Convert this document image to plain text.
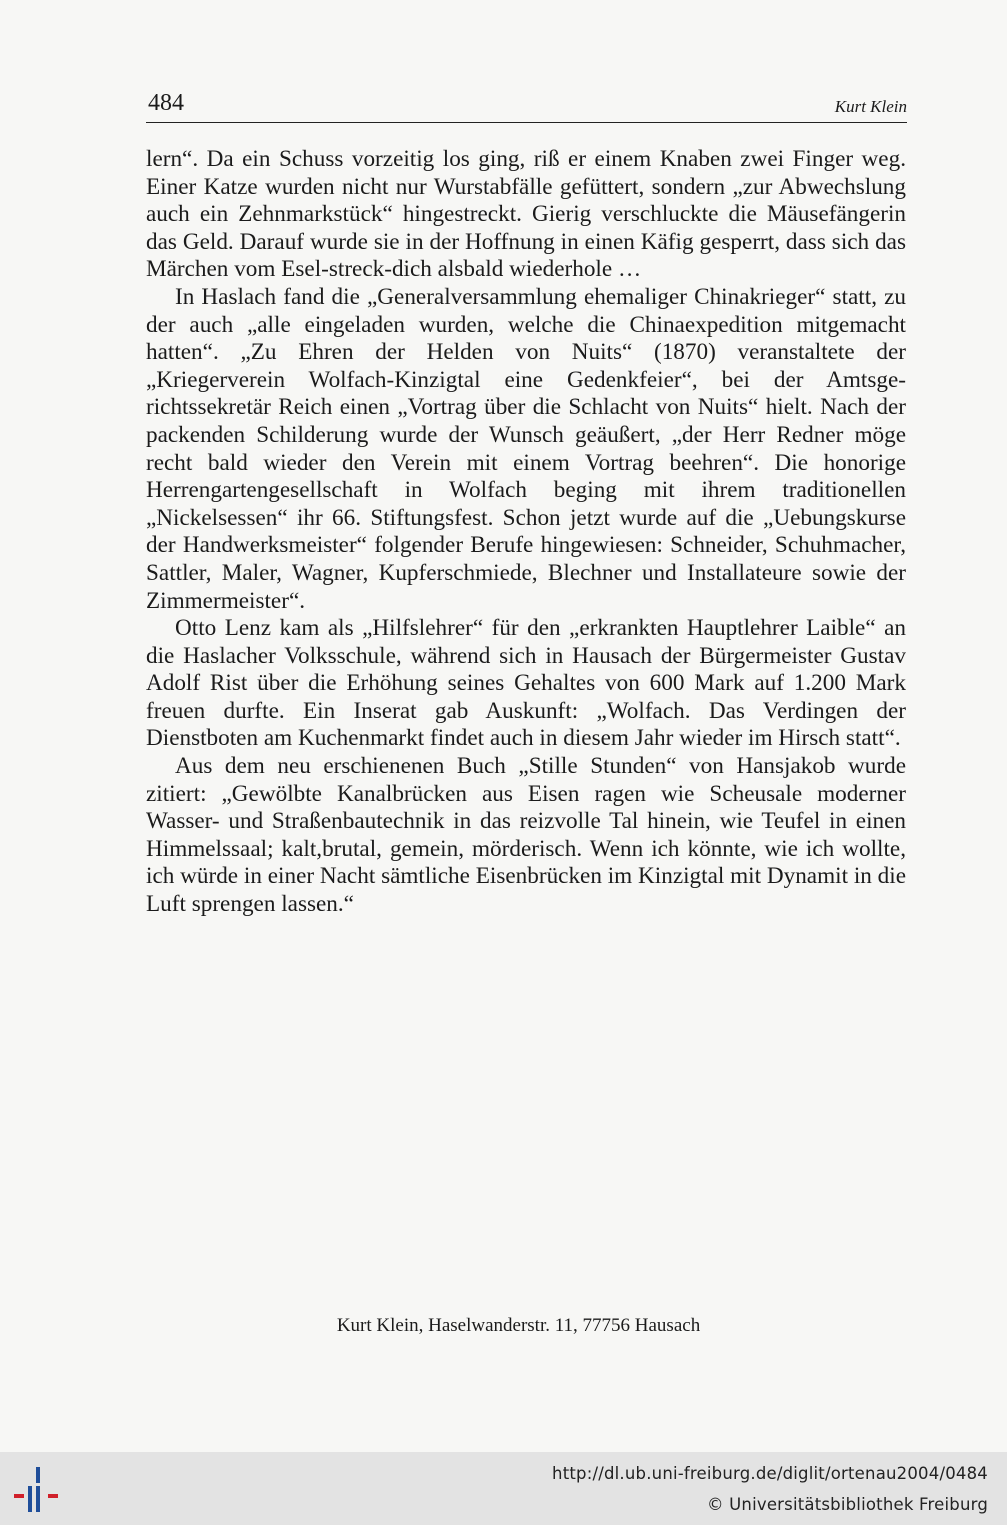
484	Kurt Klein

lern“. Da ein Schuss vorzeitig los ging, riß er einem Knaben zwei Finger weg. Einer Katze wurden nicht nur Wurstabfälle gefüttert, sondern „zur Abwechslung auch ein Zehnmarkstück“ hingestreckt. Gierig verschluckte die Mäusefängerin das Geld. Darauf wurde sie in der Hoffnung in einen Käfig gesperrt, dass sich das Märchen vom Esel-streck-dich alsbald wiederhole …

In Haslach fand die „Generalversammlung ehemaliger Chinakrieger“ statt, zu der auch „alle eingeladen wurden, welche die Chinaexpedition mitgemacht hatten“. „Zu Ehren der Helden von Nuits“ (1870) veranstaltete der „Kriegerverein Wolfach-Kinzigtal eine Gedenkfeier“, bei der Amtsgerichtssekretär Reich einen „Vortrag über die Schlacht von Nuits“ hielt. Nach der packenden Schilderung wurde der Wunsch geäußert, „der Herr Redner möge recht bald wieder den Verein mit einem Vortrag beehren“. Die honorige Herrengartengesellschaft in Wolfach beging mit ihrem traditionellen „Nickelsessen“ ihr 66. Stiftungsfest. Schon jetzt wurde auf die „Uebungskurse der Handwerksmeister“ folgender Berufe hingewiesen: Schneider, Schuhmacher, Sattler, Maler, Wagner, Kupferschmiede, Blechner und Installateure sowie der Zimmermeister“.

Otto Lenz kam als „Hilfslehrer“ für den „erkrankten Hauptlehrer Laible“ an die Haslacher Volksschule, während sich in Hausach der Bürgermeister Gustav Adolf Rist über die Erhöhung seines Gehaltes von 600 Mark auf 1.200 Mark freuen durfte. Ein Inserat gab Auskunft: „Wolfach. Das Verdingen der Dienstboten am Kuchenmarkt findet auch in diesem Jahr wieder im Hirsch statt“.

Aus dem neu erschienenen Buch „Stille Stunden“ von Hansjakob wurde zitiert: „Gewölbte Kanalbrücken aus Eisen ragen wie Scheusale moderner Wasser- und Straßenbautechnik in das reizvolle Tal hinein, wie Teufel in einen Himmelssaal; kalt,brutal, gemein, mörderisch. Wenn ich könnte, wie ich wollte, ich würde in einer Nacht sämtliche Eisenbrücken im Kinzigtal mit Dynamit in die Luft sprengen lassen.“

Kurt Klein, Haselwanderstr. 11, 77756 Hausach
http://dl.ub.uni-freiburg.de/diglit/ortenau2004/0484
© Universitätsbibliothek Freiburg
